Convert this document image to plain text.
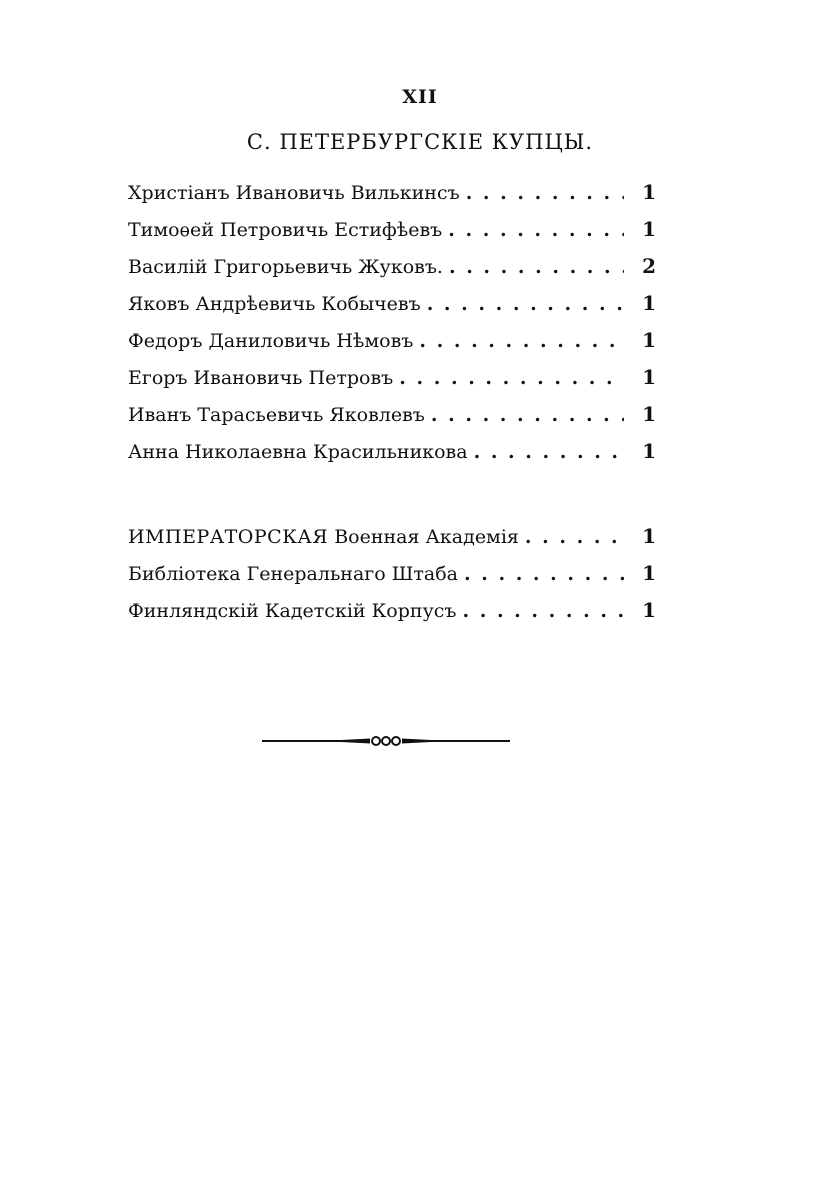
XII
С. ПЕТЕРБУРГСКІЕ КУПЦЫ.
Христіанъ Ивановичь Вилькинсъ . . .	1
Тимоѳей Петровичь Естифѣевъ . . .	1
Василій Григорьевичь Жуковъ. . . .	2
Яковъ Андрѣевичь Кобычевъ . . .	1
Федоръ Даниловичь Нѣмовъ . . .	1
Егоръ Ивановичь Петровъ . . .	1
Иванъ Тарасьевичь Яковлевъ . . .	1
Анна Николаевна Красильникова . . .	1
ИМПЕРАТОРСКАЯ Военная Академія . . .	1
Библіотека Генеральнаго Штаба . . .	1
Финляндскій Кадетскій Корпусъ . . .	1
